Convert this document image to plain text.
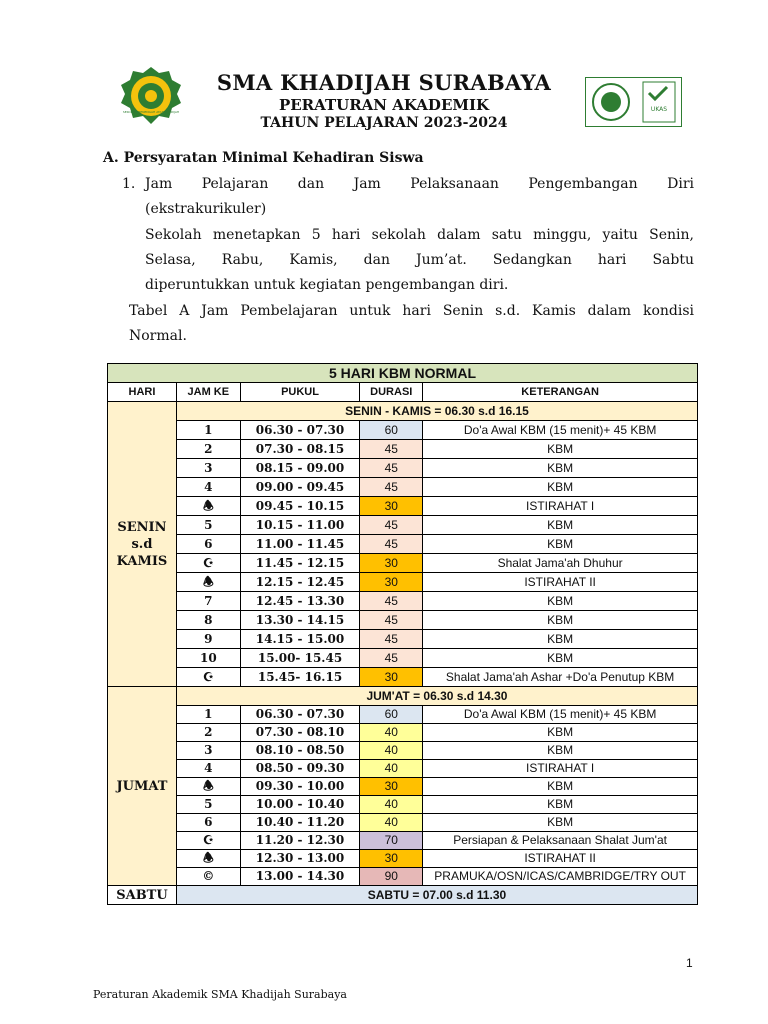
SEKOLAH MENENGAH ATAS KHADIJAH	UKAS
SMA KHADIJAH SURABAYA
PERATURAN AKADEMIK
TAHUN PELAJARAN 2023-2024
A. Persyaratan Minimal Kehadiran Siswa
1. Jam Pelajaran dan Jam Pelaksanaan Pengembangan Diri
(ekstrakurikuler)
Sekolah menetapkan 5 hari sekolah dalam satu minggu, yaitu Senin,
Selasa, Rabu, Kamis, dan Jum’at. Sedangkan hari Sabtu
diperuntukkan untuk kegiatan pengembangan diri.
Tabel A Jam Pembelajaran untuk hari Senin s.d. Kamis dalam kondisi
Normal.
5 HARI KBM NORMAL				
HARI	JAM KE	PUKUL	DURASI	KETERANGAN
SENIN s.d KAMIS	SENIN - KAMIS = 06.30 s.d 16.15			
	1	06.30 - 07.30	60	Do'a Awal KBM (15 menit)+ 45 KBM
	2	07.30 - 08.15	45	KBM
	3	08.15 - 09.00	45	KBM
	4	09.00 - 09.45	45	KBM
	🕭	09.45 - 10.15	30	ISTIRAHAT I
	5	10.15 - 11.00	45	KBM
	6	11.00 - 11.45	45	KBM
	☪	11.45 - 12.15	30	Shalat Jama'ah Dhuhur
	🕭	12.15 - 12.45	30	ISTIRAHAT II
	7	12.45 - 13.30	45	KBM
	8	13.30 - 14.15	45	KBM
	9	14.15 - 15.00	45	KBM
	10	15.00- 15.45	45	KBM
	☪	15.45- 16.15	30	Shalat Jama'ah Ashar +Do'a Penutup KBM
JUMAT	JUM'AT = 06.30 s.d 14.30			
	1	06.30 - 07.30	60	Do'a Awal KBM (15 menit)+ 45 KBM
	2	07.30 - 08.10	40	KBM
	3	08.10 - 08.50	40	KBM
	4	08.50 - 09.30	40	ISTIRAHAT I
	🕭	09.30 - 10.00	30	KBM
	5	10.00 - 10.40	40	KBM
	6	10.40 - 11.20	40	KBM
	☪	11.20 - 12.30	70	Persiapan & Pelaksanaan Shalat Jum'at
	🕭	12.30 - 13.00	30	ISTIRAHAT II
	©	13.00 - 14.30	90	PRAMUKA/OSN/ICAS/CAMBRIDGE/TRY OUT
SABTU	SABTU = 07.00 s.d 11.30			
1
Peraturan Akademik SMA Khadijah Surabaya
